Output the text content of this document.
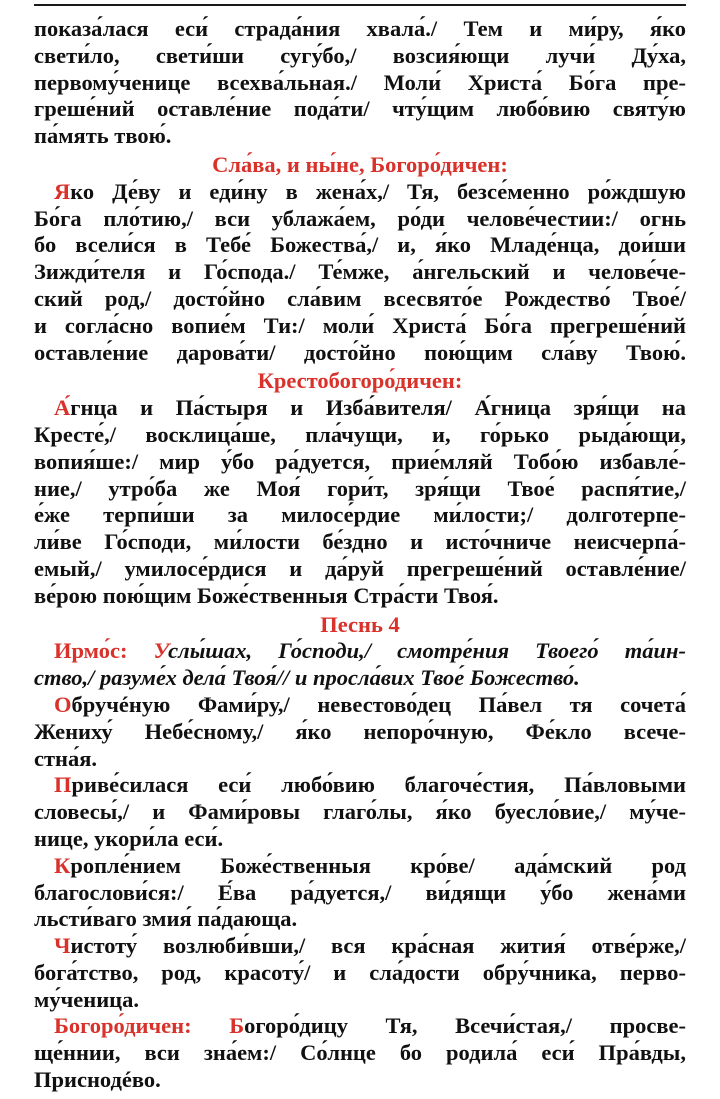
показа́лася еси́ страда́ния хвала́./ Тем и ми́ру, я́ко
свети́ло, свети́ши сугу́бо,/ возсия́ющи лучи́ Ду́ха,
первому́ченице всехва́льная./ Моли́ Христа́ Бо́га пре-
греше́ний оставле́ние пода́ти/ чту́щим любо́вию святу́ю
па́мять твою́.
Сла́ва, и ны́не, Богоро́дичен:
Яко Де́ву и еди́ну в жена́х,/ Тя, безсе́менно ро́ждшую
Бо́га пло́тию,/ вси ублажа́ем, ро́ди челове́честии:/ огнь
бо всели́ся в Тебе́ Божества́,/ и, я́ко Младе́нца, дои́ши
Зижди́теля и Го́спода./ Те́мже, а́нгельский и челове́че-
ский род,/ досто́йно сла́вим всесвято́е Рождество́ Твое́/
и согла́сно вопие́м Ти:/ моли́ Христа́ Бо́га прегреше́ний
оставле́ние дарова́ти/ досто́йно пою́щим сла́ву Твою́.
Крестобогоро́дичен:
А́гнца и Па́стыря и Изба́вителя/ А́гница зря́щи на
Кресте́,/ восклица́ше, пла́чущи, и, го́рько рыда́ющи,
вопия́ше:/ мир у́бо ра́дуется, прие́мляй Тобо́ю избавле́-
ние,/ утро́ба же Моя́ гори́т, зря́щи Твое́ распя́тие,/
е́же терпи́ши за милосе́рдие ми́лости;/ долготерпе-
ли́ве Го́споди, ми́лости бе́здно и исто́чниче неисчерпа́-
емый,/ умилосе́рдися и да́руй прегреше́ний оставле́ние/
ве́рою пою́щим Боже́ственныя Стра́сти Твоя́.
Песнь 4
Ирмо́с: Услы́шах, Го́споди,/ смотре́ния Твоего́ та́ин-
ство,/ разуме́х дела́ Твоя́// и просла́вих Твое́ Божество́.
Обручéную Фами́ру,/ невестово́дец Па́вел тя сочета́
Жениху́ Небе́сному,/ я́ко непоро́чную, Фе́кло всече-
стна́я.
Приве́силася еси́ любо́вию благоче́стия, Па́вловыми
словесы́,/ и Фами́ровы глаго́лы, я́ко буесло́вие,/ му́че-
нице, укори́ла еси́.
Кропле́нием Боже́ственныя кро́ве/ ада́мский род
благослови́ся:/ Е́ва ра́дуется,/ ви́дящи у́бо жена́ми
льсти́ваго змия́ па́дающа.
Чистоту́ возлюби́вши,/ вся кра́сная жития́ отве́рже,/
бога́тство, род, красоту́/ и сла́дости обру́чника, перво-
му́ченица.
Богоро́дичен: Богоро́дицу Тя, Всечи́стая,/ просве-
ще́ннии, вси зна́ем:/ Со́лнце бо родила́ еси́ Пра́вды,
Приснодéво.
